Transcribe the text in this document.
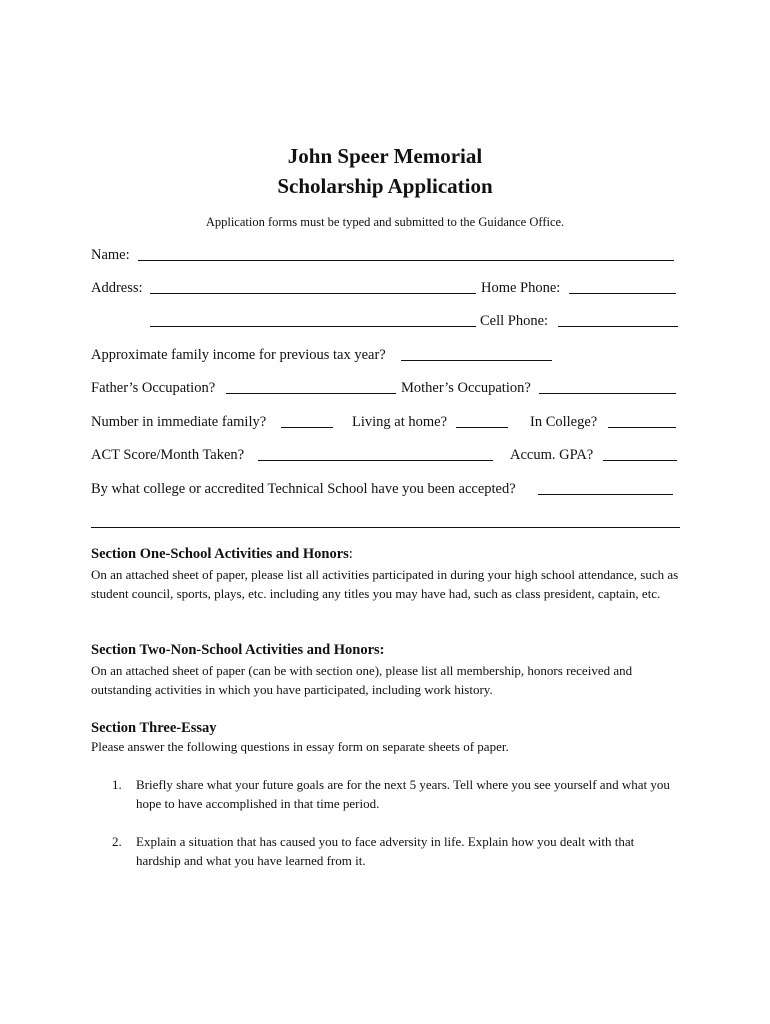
John Speer Memorial
Scholarship Application
Application forms must be typed and submitted to the Guidance Office.
Name:
Address:	Home Phone:
Cell Phone:
Approximate family income for previous tax year?
Father’s Occupation?	Mother’s Occupation?
Number in immediate family?	Living at home?	In College?
ACT Score/Month Taken?	Accum. GPA?
By what college or accredited Technical School have you been accepted?
Section One-School Activities and Honors:
On an attached sheet of paper, please list all activities participated in during your high school attendance, such as student council, sports, plays, etc. including any titles you may have had, such as class president, captain, etc.
Section Two-Non-School Activities and Honors:
On an attached sheet of paper (can be with section one), please list all membership, honors received and outstanding activities in which you have participated, including work history.
Section Three-Essay
Please answer the following questions in essay form on separate sheets of paper.
1. Briefly share what your future goals are for the next 5 years. Tell where you see yourself and what you hope to have accomplished in that time period.
2. Explain a situation that has caused you to face adversity in life. Explain how you dealt with that hardship and what you have learned from it.
